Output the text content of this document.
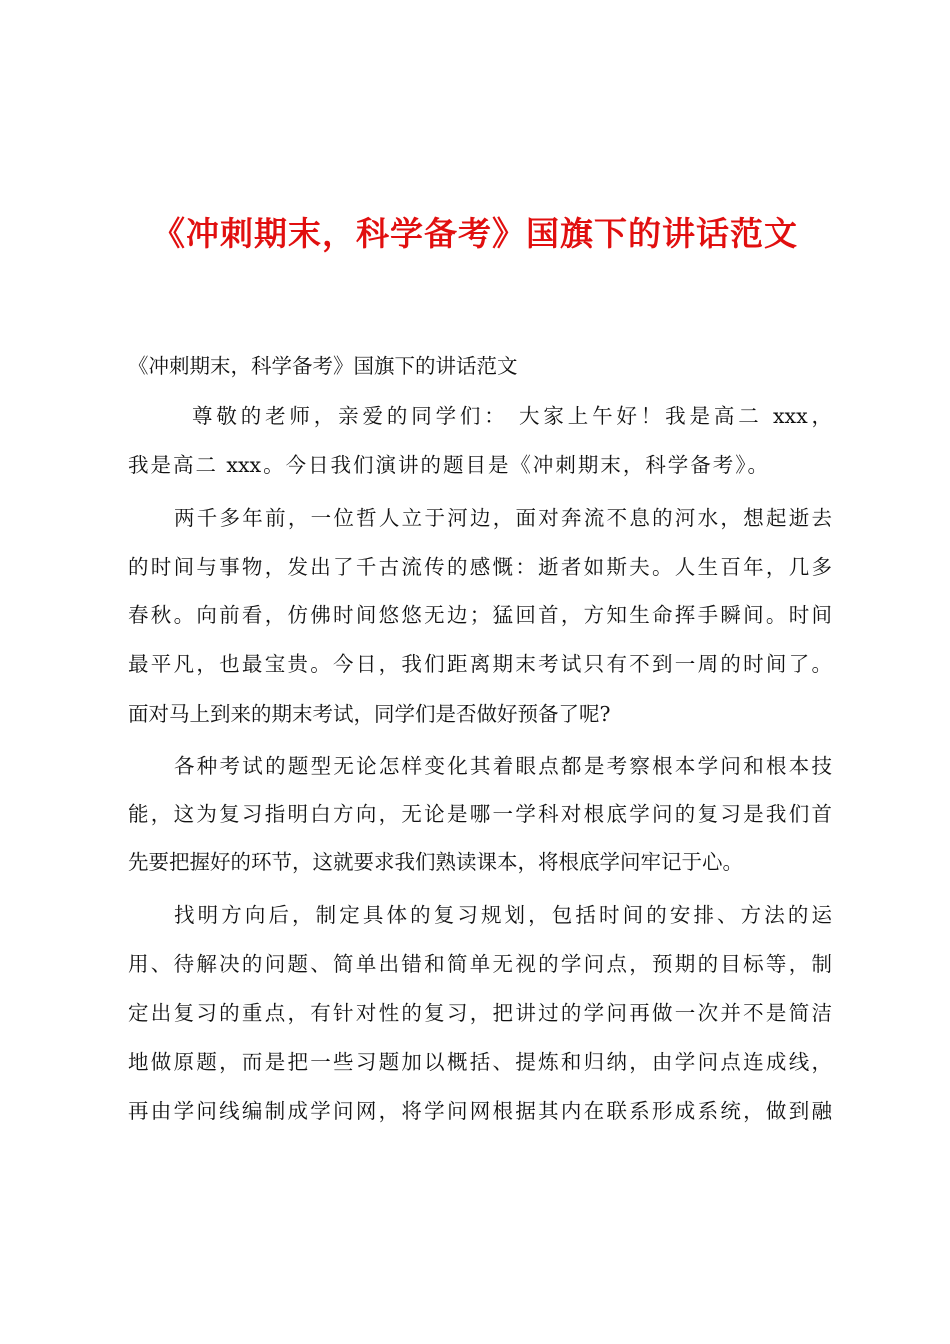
《冲刺期末，科学备考》国旗下的讲话范文
《冲刺期末，科学备考》国旗下的讲话范文
尊敬的老师，亲爱的同学们： 大家上午好！我是高二 xxx，
我是高二 xxx。今日我们演讲的题目是《冲刺期末，科学备考》。
两千多年前，一位哲人立于河边，面对奔流不息的河水，想起逝去
的时间与事物，发出了千古流传的感慨：逝者如斯夫。人生百年，几多
春秋。向前看，仿佛时间悠悠无边；猛回首，方知生命挥手瞬间。时间
最平凡，也最宝贵。今日，我们距离期末考试只有不到一周的时间了。
面对马上到来的期末考试，同学们是否做好预备了呢?
各种考试的题型无论怎样变化其着眼点都是考察根本学问和根本技
能，这为复习指明白方向，无论是哪一学科对根底学问的复习是我们首
先要把握好的环节，这就要求我们熟读课本，将根底学问牢记于心。
找明方向后，制定具体的复习规划，包括时间的安排、方法的运
用、待解决的问题、简单出错和简单无视的学问点，预期的目标等，制
定出复习的重点，有针对性的复习，把讲过的学问再做一次并不是简洁
地做原题，而是把一些习题加以概括、提炼和归纳，由学问点连成线，
再由学问线编制成学问网，将学问网根据其内在联系形成系统，做到融
